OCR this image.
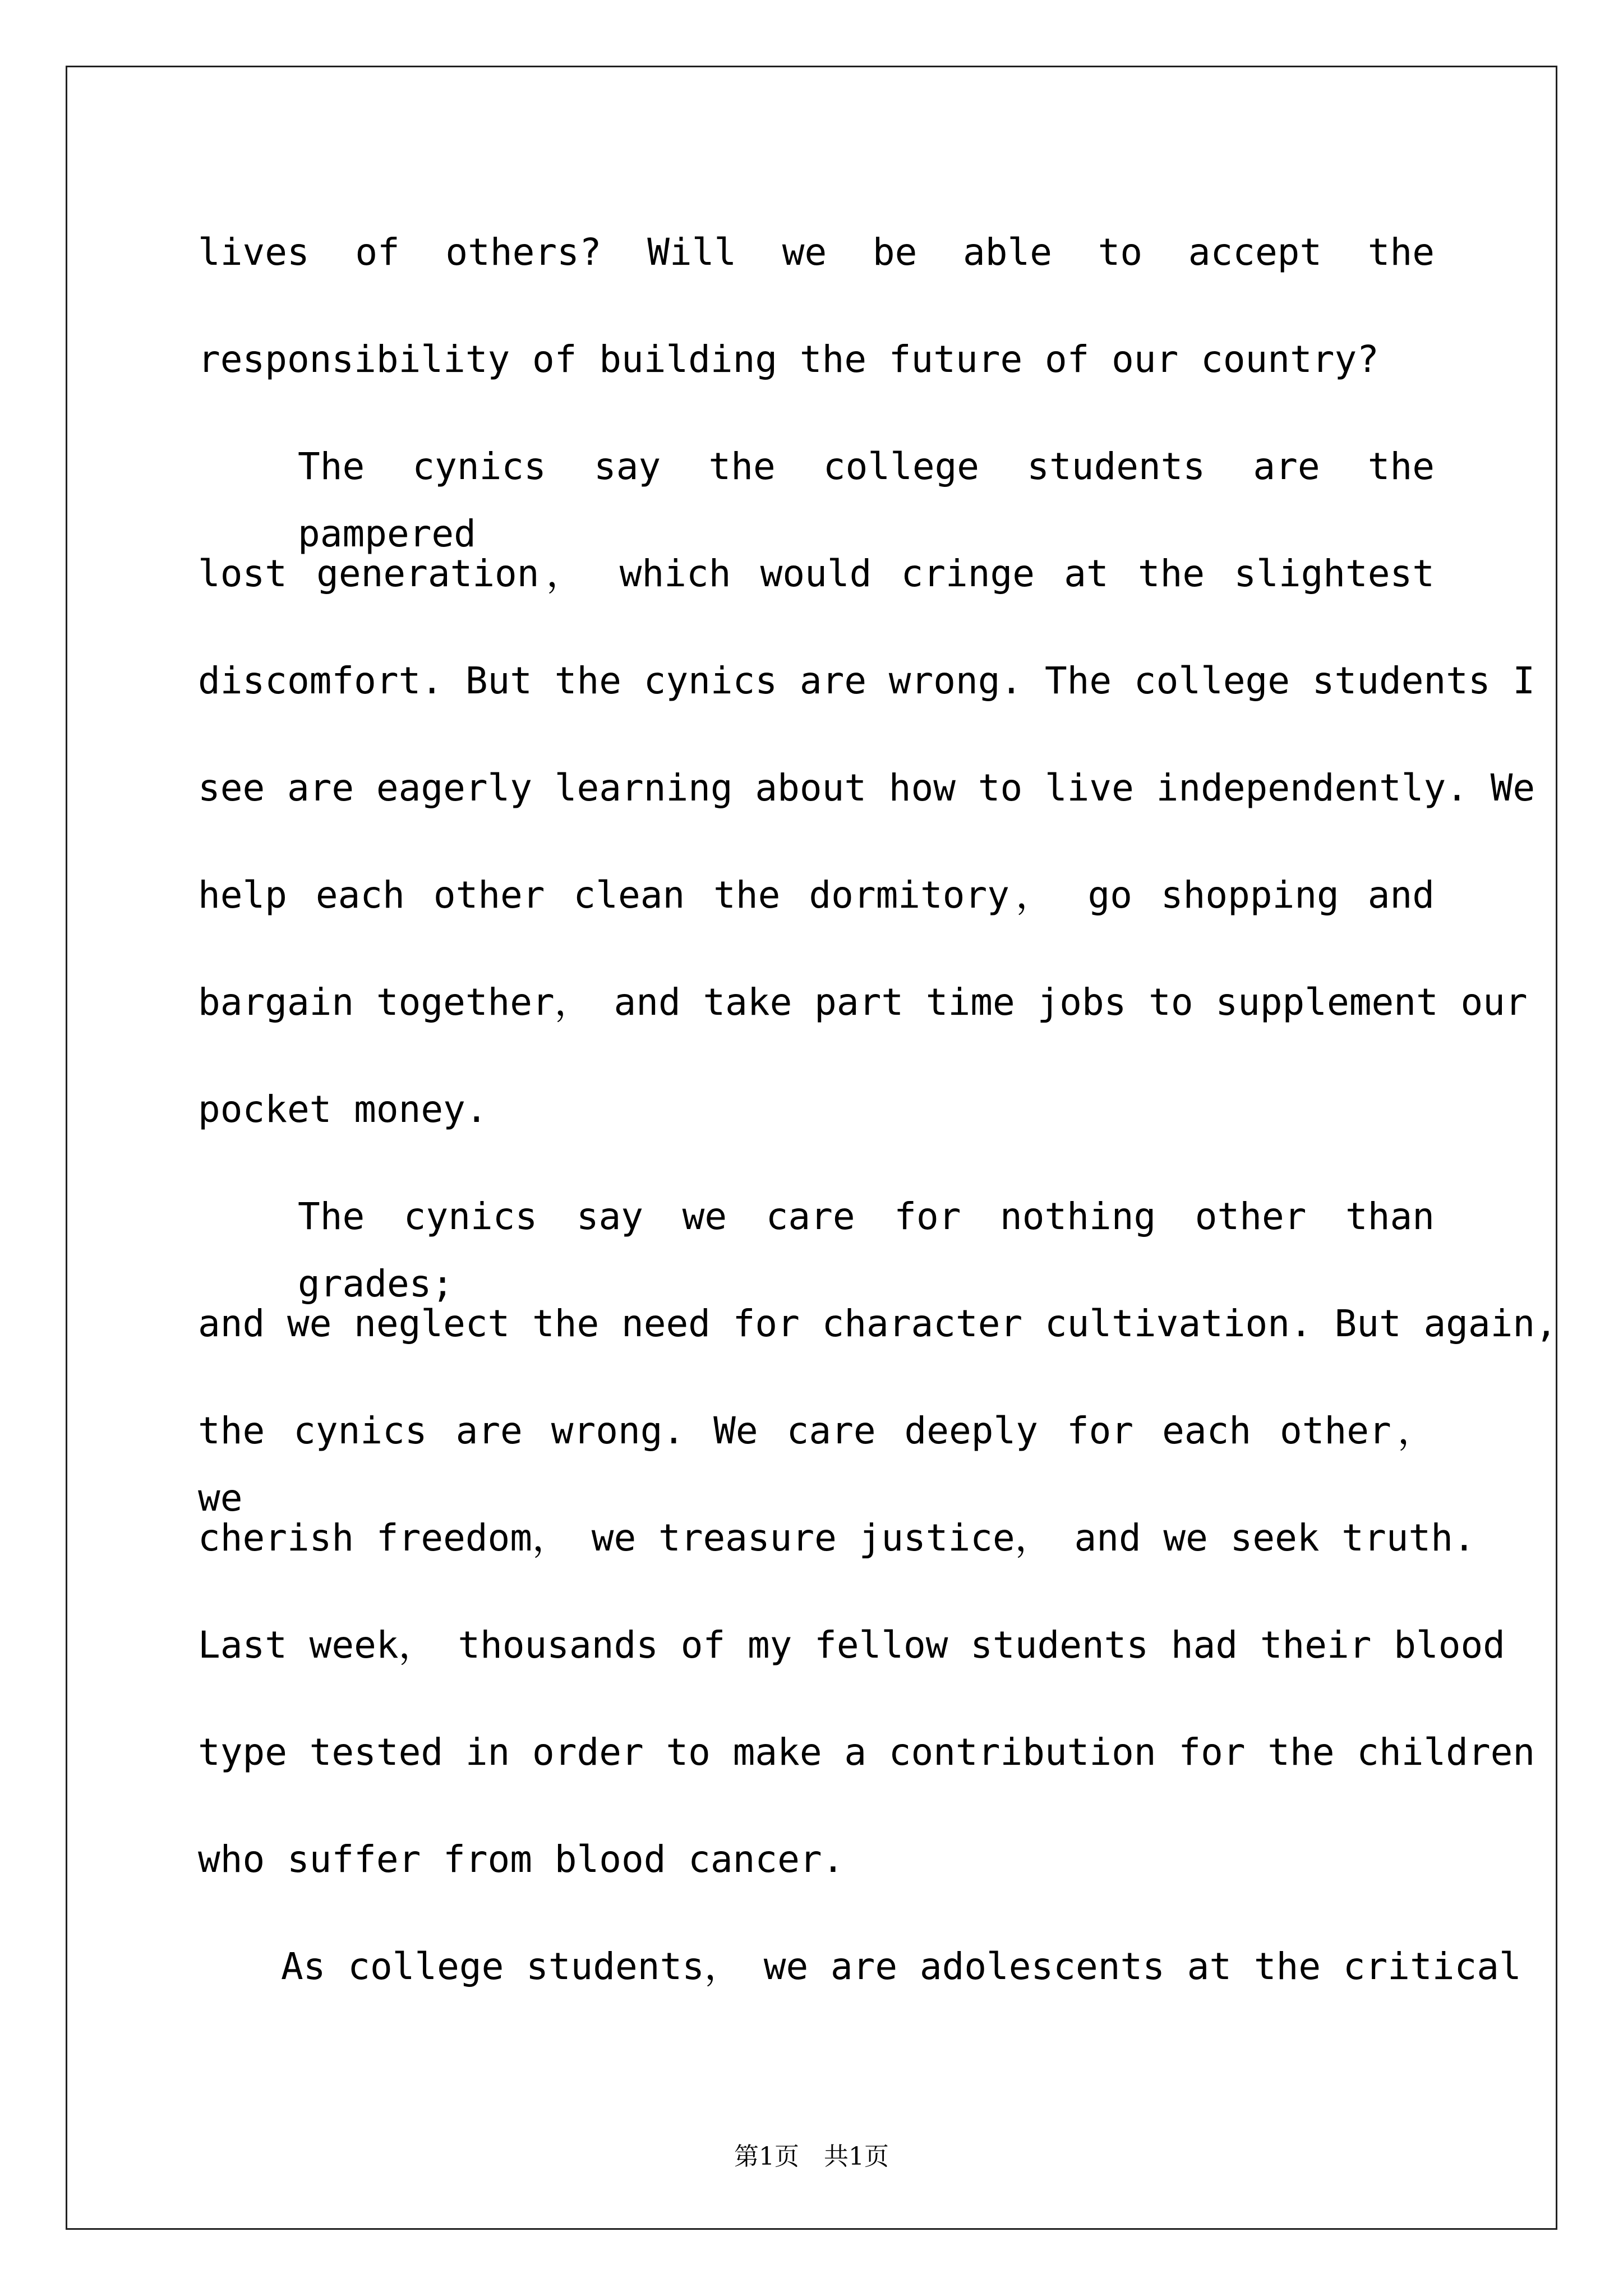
lives of others? Will we be able to accept the
responsibility of building the future of our country?
The cynics say the college students are the pampered
lost generation， which would cringe at the slightest
discomfort. But the cynics are wrong. The college students I
see are eagerly learning about how to live independently. We
help each other clean the dormitory， go shopping and
bargain together， and take part time jobs to supplement our
pocket money.
The cynics say we care for nothing other than grades;
and we neglect the need for character cultivation. But again,
the cynics are wrong. We care deeply for each other， we
cherish freedom， we treasure justice， and we seek truth.
Last week， thousands of my fellow students had their blood
type tested in order to make a contribution for the children
who suffer from blood cancer.
As college students， we are adolescents at the critical
第1页　共1页
